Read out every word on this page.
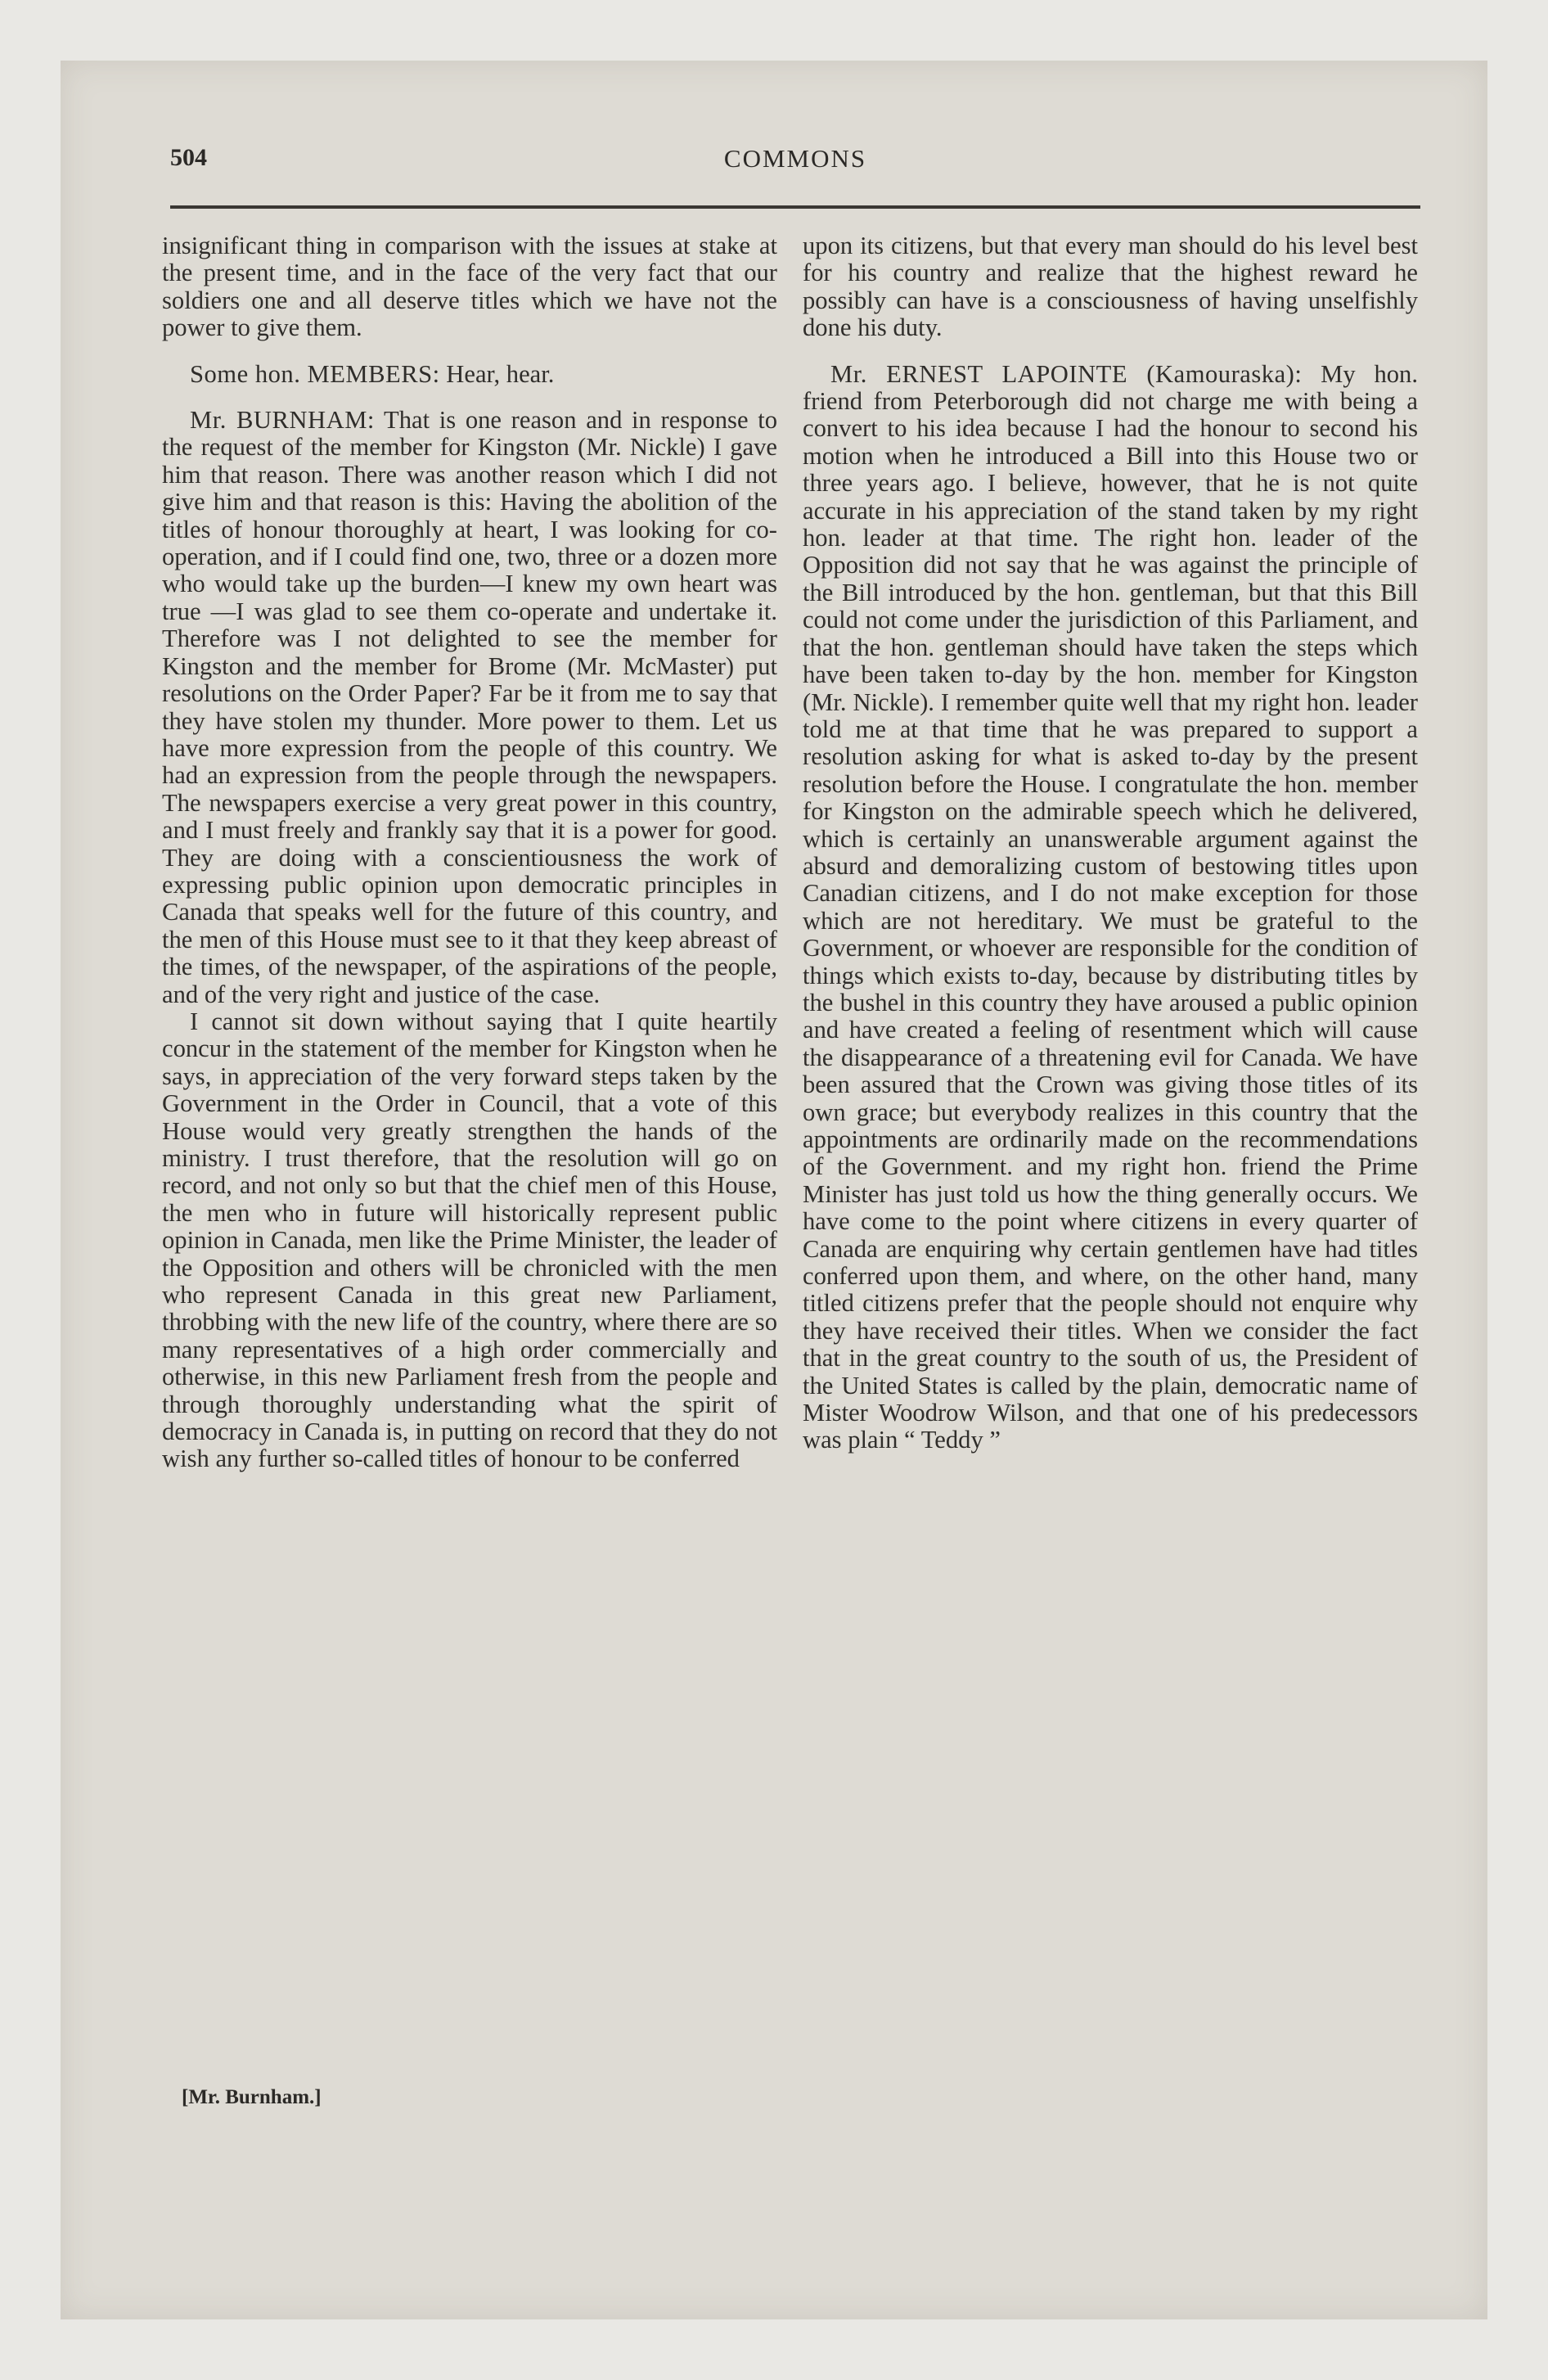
504	COMMONS

insignificant thing in comparison with the issues at stake at the present time, and in the face of the very fact that our soldiers one and all deserve titles which we have not the power to give them.

Some hon. MEMBERS: Hear, hear.

Mr. BURNHAM: That is one reason and in response to the request of the member for Kingston (Mr. Nickle) I gave him that reason. There was another reason which I did not give him and that reason is this: Having the abolition of the titles of honour thoroughly at heart, I was looking for co-operation, and if I could find one, two, three or a dozen more who would take up the burden—I knew my own heart was true —I was glad to see them co-operate and undertake it. Therefore was I not delighted to see the member for Kingston and the member for Brome (Mr. McMaster) put resolutions on the Order Paper? Far be it from me to say that they have stolen my thunder. More power to them. Let us have more expression from the people of this country. We had an expression from the people through the newspapers. The newspapers exercise a very great power in this country, and I must freely and frankly say that it is a power for good. They are doing with a conscientiousness the work of expressing public opinion upon democratic principles in Canada that speaks well for the future of this country, and the men of this House must see to it that they keep abreast of the times, of the newspaper, of the aspirations of the people, and of the very right and justice of the case.

I cannot sit down without saying that I quite heartily concur in the statement of the member for Kingston when he says, in appreciation of the very forward steps taken by the Government in the Order in Council, that a vote of this House would very greatly strengthen the hands of the ministry. I trust therefore, that the resolution will go on record, and not only so but that the chief men of this House, the men who in future will historically represent public opinion in Canada, men like the Prime Minister, the leader of the Opposition and others will be chronicled with the men who represent Canada in this great new Parliament, throbbing with the new life of the country, where there are so many representatives of a high order commercially and otherwise, in this new Parliament fresh from the people and through thoroughly understanding what the spirit of democracy in Canada is, in putting on record that they do not wish any further so-called titles of honour to be conferred

[Mr. Burnham.]

upon its citizens, but that every man should do his level best for his country and realize that the highest reward he possibly can have is a consciousness of having unselfishly done his duty.

Mr. ERNEST LAPOINTE (Kamouraska): My hon. friend from Peterborough did not charge me with being a convert to his idea because I had the honour to second his motion when he introduced a Bill into this House two or three years ago. I believe, however, that he is not quite accurate in his appreciation of the stand taken by my right hon. leader at that time. The right hon. leader of the Opposition did not say that he was against the principle of the Bill introduced by the hon. gentleman, but that this Bill could not come under the jurisdiction of this Parliament, and that the hon. gentleman should have taken the steps which have been taken to-day by the hon. member for Kingston (Mr. Nickle). I remember quite well that my right hon. leader told me at that time that he was prepared to support a resolution asking for what is asked to-day by the present resolution before the House. I congratulate the hon. member for Kingston on the admirable speech which he delivered, which is certainly an unanswerable argument against the absurd and demoralizing custom of bestowing titles upon Canadian citizens, and I do not make exception for those which are not hereditary. We must be grateful to the Government, or whoever are responsible for the condition of things which exists to-day, because by distributing titles by the bushel in this country they have aroused a public opinion and have created a feeling of resentment which will cause the disappearance of a threatening evil for Canada. We have been assured that the Crown was giving those titles of its own grace; but everybody realizes in this country that the appointments are ordinarily made on the recommendations of the Government. and my right hon. friend the Prime Minister has just told us how the thing generally occurs. We have come to the point where citizens in every quarter of Canada are enquiring why certain gentlemen have had titles conferred upon them, and where, on the other hand, many titled citizens prefer that the people should not enquire why they have received their titles. When we consider the fact that in the great country to the south of us, the President of the United States is called by the plain, democratic name of Mister Woodrow Wilson, and that one of his predecessors was plain “ Teddy ”
